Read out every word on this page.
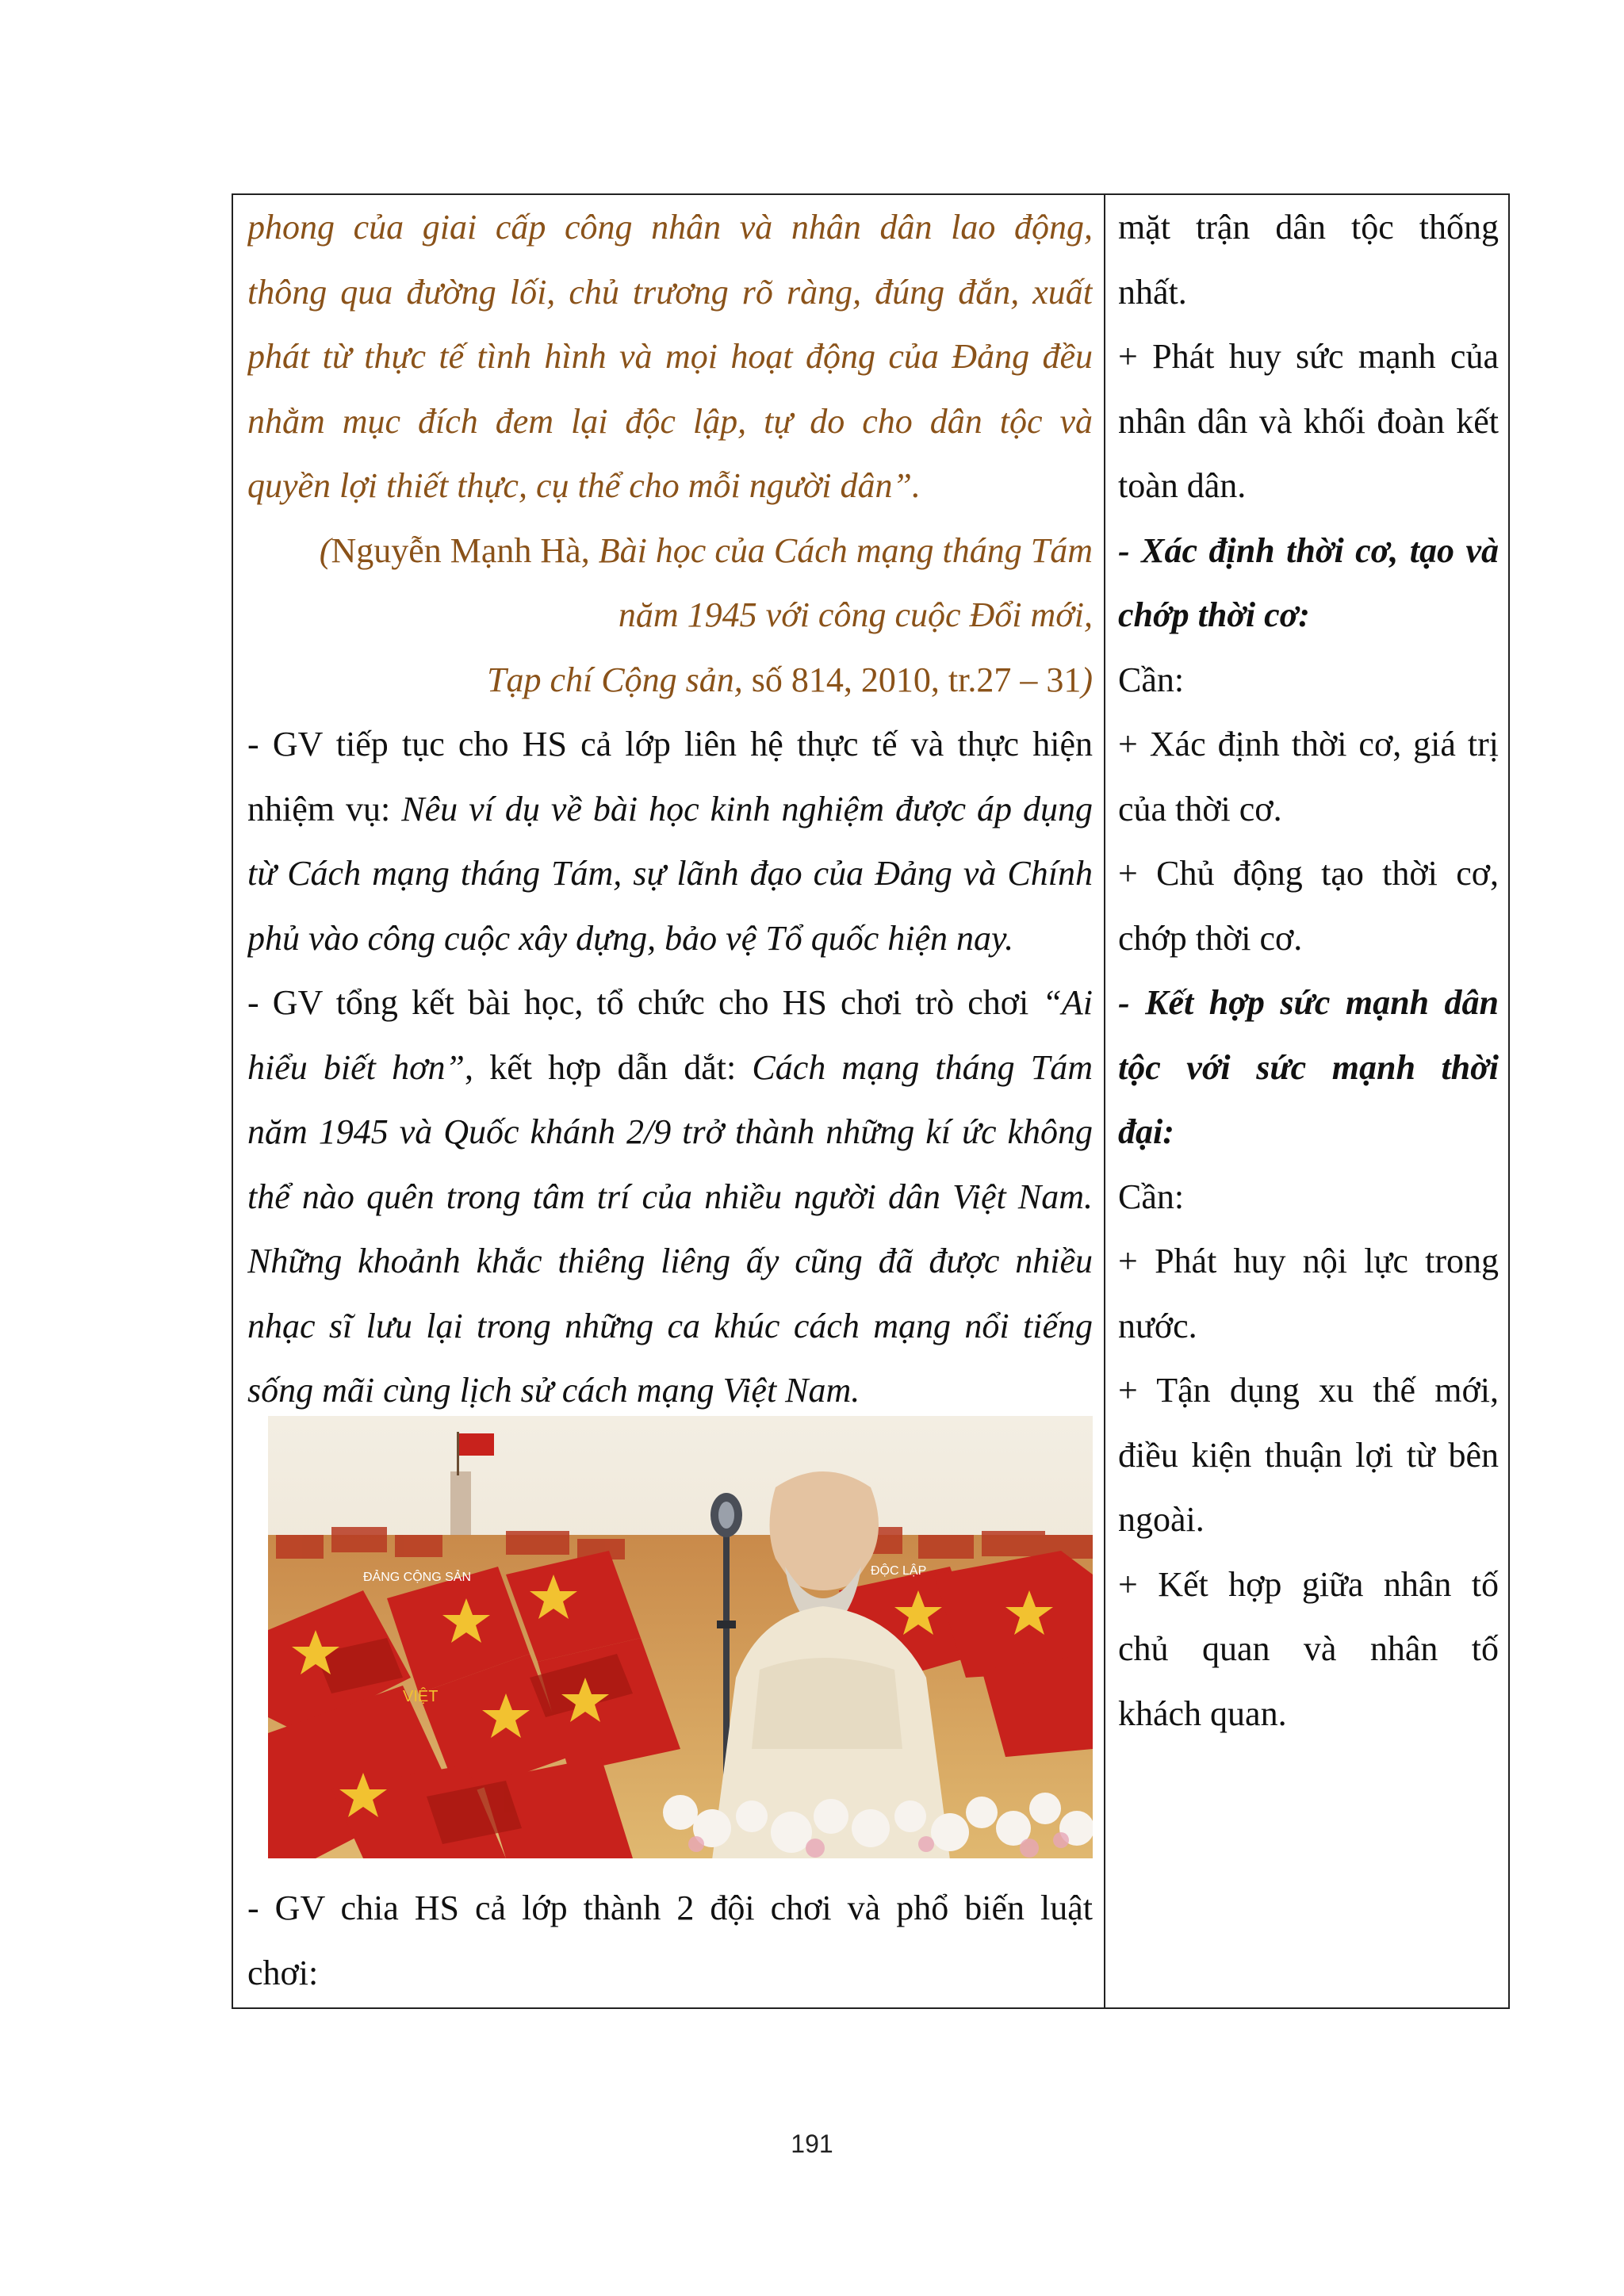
phong của giai cấp công nhân và nhân dân lao động,

thông qua đường lối, chủ trương rõ ràng, đúng đắn, xuất

phát từ thực tế tình hình và mọi hoạt động của Đảng đều

nhằm mục đích đem lại độc lập, tự do cho dân tộc và

quyền lợi thiết thực, cụ thể cho mỗi người dân”.

(Nguyễn Mạnh Hà, Bài học của Cách mạng tháng Tám

năm 1945 với công cuộc Đổi mới,

Tạp chí Cộng sản, số 814, 2010, tr.27 – 31)

- GV tiếp tục cho HS cả lớp liên hệ thực tế và thực hiện

nhiệm vụ: Nêu ví dụ về bài học kinh nghiệm được áp dụng

từ Cách mạng tháng Tám, sự lãnh đạo của Đảng và Chính

phủ vào công cuộc xây dựng, bảo vệ Tổ quốc hiện nay.

- GV tổng kết bài học, tổ chức cho HS chơi trò chơi “Ai

hiểu biết hơn”, kết hợp dẫn dắt: Cách mạng tháng Tám

năm 1945 và Quốc khánh 2/9 trở thành những kí ức không

thể nào quên trong tâm trí của nhiều người dân Việt Nam.

Những khoảnh khắc thiêng liêng ấy cũng đã được nhiều

nhạc sĩ lưu lại trong những ca khúc cách mạng nổi tiếng

sống mãi cùng lịch sử cách mạng Việt Nam.

ĐẢNG CỘNG SẢN
VIỆT
ĐỘC LẬP

- GV chia HS cả lớp thành 2 đội chơi và phổ biến luật

chơi:

mặt trận dân tộc thống

nhất.

+ Phát huy sức mạnh của

nhân dân và khối đoàn kết

toàn dân.

- Xác định thời cơ, tạo và

chớp thời cơ:

Cần:

+ Xác định thời cơ, giá trị

của thời cơ.

+ Chủ động tạo thời cơ,

chớp thời cơ.

- Kết hợp sức mạnh dân

tộc với sức mạnh thời

đại:

Cần:

+ Phát huy nội lực trong

nước.

+ Tận dụng xu thế mới,

điều kiện thuận lợi từ bên

ngoài.

+ Kết hợp giữa nhân tố

chủ quan và nhân tố

khách quan.

191
